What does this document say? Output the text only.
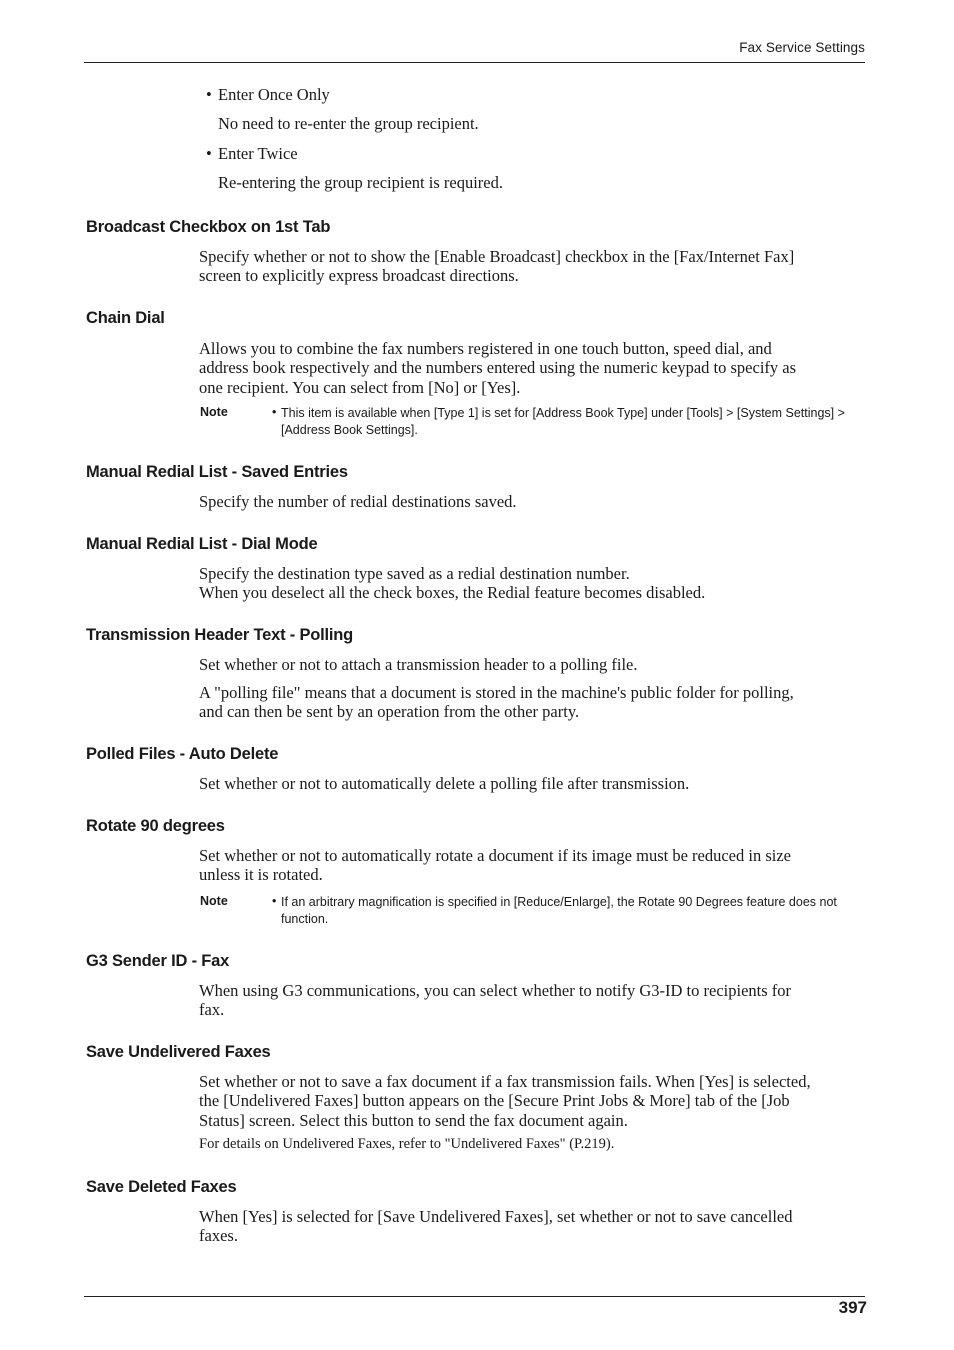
Fax Service Settings
• Enter Once Only
No need to re-enter the group recipient.
• Enter Twice
Re-entering the group recipient is required.
Broadcast Checkbox on 1st Tab
Specify whether or not to show the [Enable Broadcast] checkbox in the [Fax/Internet Fax]
screen to explicitly express broadcast directions.
Chain Dial
Allows you to combine the fax numbers registered in one touch button, speed dial, and
address book respectively and the numbers entered using the numeric keypad to specify as
one recipient. You can select from [No] or [Yes].
Note	• This item is available when [Type 1] is set for [Address Book Type] under [Tools] > [System Settings] >
[Address Book Settings].
Manual Redial List - Saved Entries
Specify the number of redial destinations saved.
Manual Redial List - Dial Mode
Specify the destination type saved as a redial destination number.
When you deselect all the check boxes, the Redial feature becomes disabled.
Transmission Header Text - Polling
Set whether or not to attach a transmission header to a polling file.
A "polling file" means that a document is stored in the machine's public folder for polling,
and can then be sent by an operation from the other party.
Polled Files - Auto Delete
Set whether or not to automatically delete a polling file after transmission.
Rotate 90 degrees
Set whether or not to automatically rotate a document if its image must be reduced in size
unless it is rotated.
Note	• If an arbitrary magnification is specified in [Reduce/Enlarge], the Rotate 90 Degrees feature does not
function.
G3 Sender ID - Fax
When using G3 communications, you can select whether to notify G3-ID to recipients for
fax.
Save Undelivered Faxes
Set whether or not to save a fax document if a fax transmission fails. When [Yes] is selected,
the [Undelivered Faxes] button appears on the [Secure Print Jobs & More] tab of the [Job
Status] screen. Select this button to send the fax document again.
For details on Undelivered Faxes, refer to "Undelivered Faxes" (P.219).
Save Deleted Faxes
When [Yes] is selected for [Save Undelivered Faxes], set whether or not to save cancelled
faxes.
397
